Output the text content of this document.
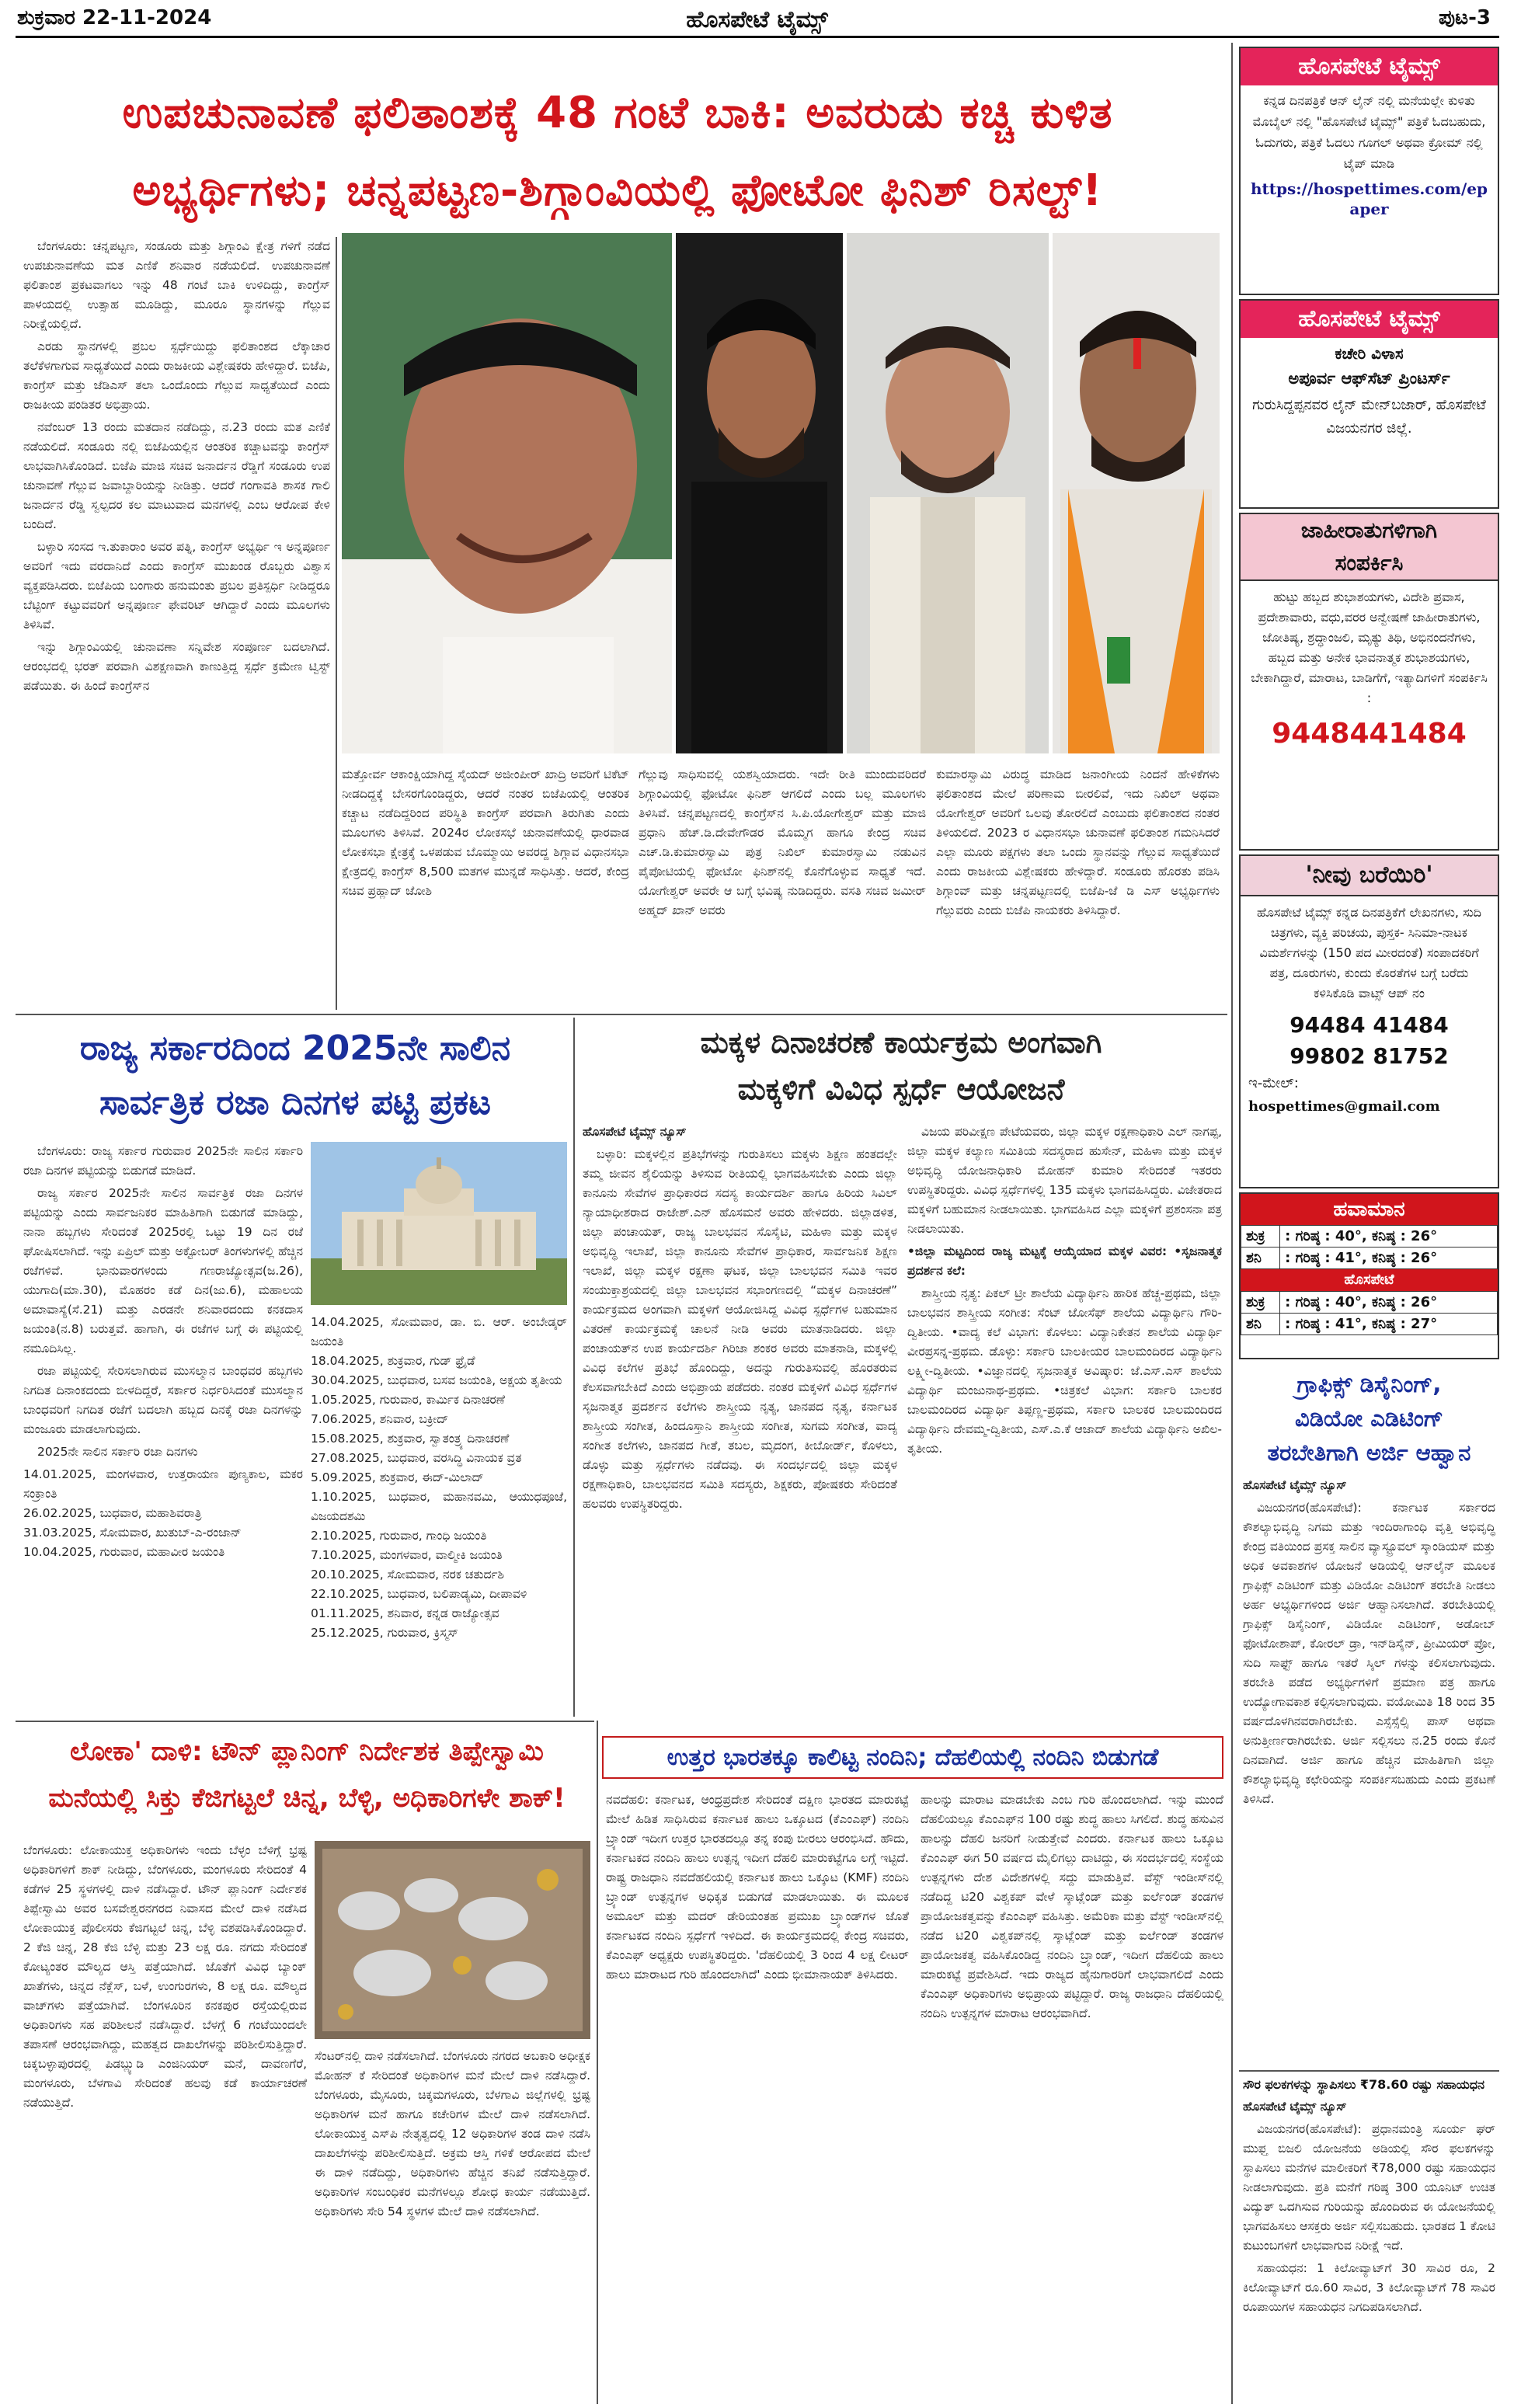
ಶುಕ್ರವಾರ 22-11-2024	ಹೊಸಪೇಟೆ ಟೈಮ್ಸ್	ಪುಟ-3
ಉಪಚುನಾವಣೆ ಫಲಿತಾಂಶಕ್ಕೆ 48 ಗಂಟೆ ಬಾಕಿ: ಅವರುಡು ಕಚ್ಚಿ ಕುಳಿತ
ಅಭ್ಯರ್ಥಿಗಳು; ಚನ್ನಪಟ್ಟಣ-ಶಿಗ್ಗಾಂವಿಯಲ್ಲಿ ಫೋಟೋ ಫಿನಿಶ್ ರಿಸಲ್ಟ್!

ಬೆಂಗಳೂರು: ಚನ್ನಪಟ್ಟಣ, ಸಂಡೂರು ಮತ್ತು ಶಿಗ್ಗಾಂವಿ ಕ್ಷೇತ್ರ ಗಳಿಗೆ ನಡೆದ ಉಪಚುನಾವಣೆಯ ಮತ ಎಣಿಕೆ ಶನಿವಾರ ನಡೆಯಲಿದೆ. ಉಪಚುನಾವಣೆ ಫಲಿತಾಂಶ ಪ್ರಕಟವಾಗಲು ಇನ್ನು 48 ಗಂಟೆ ಬಾಕಿ ಉಳಿದಿದ್ದು, ಕಾಂಗ್ರೆಸ್ ಪಾಳಯದಲ್ಲಿ ಉತ್ಸಾಹ ಮೂಡಿದ್ದು, ಮೂರೂ ಸ್ಥಾನಗಳನ್ನು ಗೆಲ್ಲುವ ನಿರೀಕ್ಷೆಯಲ್ಲಿದೆ.

ಎರಡು ಸ್ಥಾನಗಳಲ್ಲಿ ಪ್ರಬಲ ಸ್ಪರ್ಧೆಯಿದ್ದು ಫಲಿತಾಂಶದ ಲೆಕ್ಕಾಚಾರ ತಲೆಕೆಳಗಾಗುವ ಸಾಧ್ಯತೆಯಿದೆ ಎಂದು ರಾಜಕೀಯ ವಿಶ್ಲೇಷಕರು ಹೇಳಿದ್ದಾರೆ. ಬಿಜೆಪಿ, ಕಾಂಗ್ರೆಸ್ ಮತ್ತು ಜೆಡಿಎಸ್ ತಲಾ ಒಂದೊಂದು ಗೆಲ್ಲುವ ಸಾಧ್ಯತೆಯಿದೆ ಎಂದು ರಾಜಕೀಯ ಪಂಡಿತರ ಅಭಿಪ್ರಾಯ.

ನವೆಂಬರ್ 13 ರಂದು ಮತದಾನ ನಡೆದಿದ್ದು, ನ.23 ರಂದು ಮತ ಎಣಿಕೆ ನಡೆಯಲಿದೆ. ಸಂಡೂರು ನಲ್ಲಿ ಬಿಜೆಪಿಯಲ್ಲಿನ ಆಂತರಿಕ ಕಚ್ಚಾಟವನ್ನು ಕಾಂಗ್ರೆಸ್ ಲಾಭವಾಗಿಸಿಕೊಂಡಿದೆ. ಬಿಜೆಪಿ ಮಾಜಿ ಸಚಿವ ಜನಾರ್ದನ ರೆಡ್ಡಿಗೆ ಸಂಡೂರು ಉಪ ಚುನಾವಣೆ ಗೆಲ್ಲುವ ಜವಾಬ್ದಾರಿಯನ್ನು ನೀಡಿತ್ತು. ಆದರೆ ಗಂಗಾವತಿ ಶಾಸಕ ಗಾಲಿ ಜನಾರ್ದನ ರೆಡ್ಡಿ ಸ್ವಲ್ಪದರ ಕಲ ಮಾಟುವಾದ ಮನಗಳಲ್ಲಿ ಎಂಬ ಆರೋಪ ಕೇಳಿ ಬಂದಿದೆ.

ಬಳ್ಳಾರಿ ಸಂಸದ ಇ.ತುಕಾರಾಂ ಅವರ ಪತ್ನಿ, ಕಾಂಗ್ರೆಸ್ ಅಭ್ಯರ್ಥಿ ಇ ಅನ್ನಪೂರ್ಣ ಅವರಿಗೆ ಇದು ವರದಾನಿದೆ ಎಂದು ಕಾಂಗ್ರೆಸ್ ಮುಖಂಡ ರೊಬ್ಬರು ವಿಶ್ವಾಸ ವ್ಯಕ್ತಪಡಿಸಿದರು. ಬಿಜೆಪಿಯ ಬಂಗಾರು ಹನುಮಂತು ಪ್ರಬಲ ಪ್ರತಿಸ್ಪರ್ಧಿ ನೀಡಿದ್ದರೂ ಬೆಟ್ಟಿಂಗ್ ಕಟ್ಟುವವರಿಗೆ ಅನ್ನಪೂರ್ಣ ಫೇವರಿಟ್ ಆಗಿದ್ದಾರೆ ಎಂದು ಮೂಲಗಳು ತಿಳಿಸಿವೆ.

ಇನ್ನು ಶಿಗ್ಗಾಂವಿಯಲ್ಲಿ ಚುನಾವಣಾ ಸನ್ನಿವೇಶ ಸಂಪೂರ್ಣ ಬದಲಾಗಿದೆ. ಆರಂಭದಲ್ಲಿ ಭರತ್ ಪರವಾಗಿ ವಿಶಕ್ಷಣವಾಗಿ ಕಾಣುತ್ತಿದ್ದ ಸ್ಪರ್ಧೆ ಕ್ರಮೇಣ ಟ್ವಿಸ್ಟ್ ಪಡೆಯಿತು. ಈ ಹಿಂದೆ ಕಾಂಗ್ರೆಸ್‌ನ

ಮತ್ತೋರ್ವ ಆಕಾಂಕ್ಷಿಯಾಗಿದ್ದ ಸೈಯದ್ ಅಜೀಂಪೀರ್ ಖಾದ್ರಿ ಅವರಿಗೆ ಟಿಕೆಟ್ ನೀಡದಿದ್ದಕ್ಕೆ ಬೇಸರಗೊಂಡಿದ್ದರು, ಆದರೆ ನಂತರ ಬಿಜೆಪಿಯಲ್ಲಿ ಆಂತರಿಕ ಕಚ್ಚಾಟ ನಡೆದಿದ್ದರಿಂದ ಪರಿಸ್ಥಿತಿ ಕಾಂಗ್ರೆಸ್ ಪರವಾಗಿ ತಿರುಗಿತು ಎಂದು ಮೂಲಗಳು ತಿಳಿಸಿವೆ. 2024ರ ಲೋಕಸಭೆ ಚುನಾವಣೆಯಲ್ಲಿ ಧಾರವಾಡ ಲೋಕಸಭಾ ಕ್ಷೇತ್ರಕ್ಕೆ ಒಳಪಡುವ ಬೊಮ್ಮಾಯಿ ಅವರದ್ದ ಶಿಗ್ಗಾವ ವಿಧಾನಸಭಾ ಕ್ಷೇತ್ರದಲ್ಲಿ ಕಾಂಗ್ರೆಸ್ 8,500 ಮತಗಳ ಮುನ್ನಡೆ ಸಾಧಿಸಿತ್ತು. ಆದರೆ, ಕೇಂದ್ರ ಸಚಿವ ಪ್ರಹ್ಲಾದ್ ಜೋಶಿ
ಗೆಲ್ಲುವು ಸಾಧಿಸುವಲ್ಲಿ ಯಶಸ್ವಿಯಾದರು. ಇದೇ ರೀತಿ ಮುಂದುವರಿದರೆ ಶಿಗ್ಗಾಂವಿಯಲ್ಲಿ ಫೋಟೋ ಫಿನಿಶ್ ಆಗಲಿದೆ ಎಂದು ಬಲ್ಲ ಮೂಲಗಳು ತಿಳಿಸಿವೆ. ಚನ್ನಪಟ್ಟಣದಲ್ಲಿ ಕಾಂಗ್ರೆಸ್‌ನ ಸಿ.ಪಿ.ಯೋಗೇಶ್ವರ್ ಮತ್ತು ಮಾಜಿ ಪ್ರಧಾನಿ ಹೆಚ್.ಡಿ.ದೇವೇಗೌಡರ ಮೊಮ್ಮಗ ಹಾಗೂ ಕೇಂದ್ರ ಸಚಿವ ಎಚ್.ಡಿ.ಕುಮಾರಸ್ವಾಮಿ ಪುತ್ರ ನಿಖಿಲ್ ಕುಮಾರಸ್ವಾಮಿ ನಡುವಿನ ಪೈಪೋಟಿಯಲ್ಲಿ ಫೋಟೋ ಫಿನಿಶ್‌ನಲ್ಲಿ ಕೊನೆಗೊಳ್ಳುವ ಸಾಧ್ಯತೆ ಇದೆ. ಯೋಗೇಶ್ವರ್ ಅವರೇ ಆ ಬಗ್ಗೆ ಭವಿಷ್ಯ ನುಡಿದಿದ್ದರು. ವಸತಿ ಸಚಿವ ಜಮೀರ್ ಅಹ್ಮದ್ ಖಾನ್ ಅವರು
ಕುಮಾರಸ್ವಾಮಿ ವಿರುದ್ಧ ಮಾಡಿದ ಜನಾಂಗೀಯ ನಿಂದನೆ ಹೇಳಿಕೆಗಳು ಫಲಿತಾಂಶದ ಮೇಲೆ ಪರಿಣಾಮ ಬೀರಲಿವೆ, ಇದು ನಿಖಿಲ್ ಅಥವಾ ಯೋಗೇಶ್ವರ್ ಅವರಿಗೆ ಒಲವು ತೋರಲಿದೆ ಎಂಬುದು ಫಲಿತಾಂಶದ ನಂತರ ತಿಳಿಯಲಿದೆ. 2023 ರ ವಿಧಾನಸಭಾ ಚುನಾವಣೆ ಫಲಿತಾಂಶ ಗಮನಿಸಿದರೆ ಎಲ್ಲಾ ಮೂರು ಪಕ್ಷಗಳು ತಲಾ ಒಂದು ಸ್ಥಾನವನ್ನು ಗೆಲ್ಲುವ ಸಾಧ್ಯತೆಯಿದೆ ಎಂದು ರಾಜಕೀಯ ವಿಶ್ಲೇಷಕರು ಹೇಳಿದ್ದಾರೆ. ಸಂಡೂರು ಹೊರತು ಪಡಿಸಿ ಶಿಗ್ಗಾಂವ್ ಮತ್ತು ಚನ್ನಪಟ್ಟಣದಲ್ಲಿ ಬಿಜೆಪಿ-ಜೆ ಡಿ ಎಸ್ ಅಭ್ಯರ್ಥಿಗಳು ಗೆಲ್ಲುವರು ಎಂದು ಬಿಜೆಪಿ ನಾಯಕರು ತಿಳಿಸಿದ್ದಾರೆ.
ರಾಜ್ಯ ಸರ್ಕಾರದಿಂದ 2025ನೇ ಸಾಲಿನ
ಸಾರ್ವತ್ರಿಕ ರಜಾ ದಿನಗಳ ಪಟ್ಟಿ ಪ್ರಕಟ

ಬೆಂಗಳೂರು: ರಾಜ್ಯ ಸರ್ಕಾರ ಗುರುವಾರ 2025ನೇ ಸಾಲಿನ ಸರ್ಕಾರಿ ರಜಾ ದಿನಗಳ ಪಟ್ಟಿಯನ್ನು ಬಿಡುಗಡೆ ಮಾಡಿದೆ.

ರಾಜ್ಯ ಸರ್ಕಾರ 2025ನೇ ಸಾಲಿನ ಸಾರ್ವತ್ರಿಕ ರಜಾ ದಿನಗಳ ಪಟ್ಟಿಯನ್ನು ಎಂದು ಸಾರ್ವಜನಿಕರ ಮಾಹಿತಿಗಾಗಿ ಬಿಡುಗಡೆ ಮಾಡಿದ್ದು, ನಾನಾ ಹಬ್ಬಗಳು ಸೇರಿದಂತೆ 2025ರಲ್ಲಿ ಒಟ್ಟು 19 ದಿನ ರಜೆ ಘೋಷಿಸಲಾಗಿದೆ. ಇನ್ನು ಏಪ್ರಿಲ್ ಮತ್ತು ಅಕ್ಟೋಬರ್ ತಿಂಗಳುಗಳಲ್ಲಿ ಹೆಚ್ಚಿನ ರಜೆಗಳಿವೆ. ಭಾನುವಾರಗಳಂದು ಗಣರಾಜ್ಯೋತ್ಸವ(ಜ.26), ಯುಗಾದಿ(ಮಾ.30), ಮೊಹರಂ ಕಡೆ ದಿನ(ಜು.6), ಮಹಾಲಯ ಅಮಾವಾಸ್ಯೆ(ಸೆ.21) ಮತ್ತು ಎರಡನೇ ಶನಿವಾರದಂದು ಕನಕದಾಸ ಜಯಂತಿ(ನ.8) ಬರುತ್ತವೆ. ಹಾಗಾಗಿ, ಈ ರಜೆಗಳ ಬಗ್ಗೆ ಈ ಪಟ್ಟಿಯಲ್ಲಿ ನಮೂದಿಸಿಲ್ಲ.

ರಜಾ ಪಟ್ಟಿಯಲ್ಲಿ ಸೇರಿಸಲಾಗಿರುವ ಮುಸಲ್ಮಾನ ಬಾಂಧವರ ಹಬ್ಬಗಳು ನಿಗದಿತ ದಿನಾಂಕದಂದು ಬೀಳದಿದ್ದರೆ, ಸರ್ಕಾರ ನಿರ್ಧರಿಸಿದಂತೆ ಮುಸಲ್ಮಾನ ಬಾಂಧವರಿಗೆ ನಿಗದಿತ ರಜೆಗೆ ಬದಲಾಗಿ ಹಬ್ಬದ ದಿನಕ್ಕೆ ರಜಾ ದಿನಗಳನ್ನು ಮಂಜೂರು ಮಾಡಲಾಗುವುದು.

2025ನೇ ಸಾಲಿನ ಸರ್ಕಾರಿ ರಜಾ ದಿನಗಳು

14.01.2025, ಮಂಗಳವಾರ, ಉತ್ತರಾಯಣ ಪುಣ್ಯಕಾಲ, ಮಕರ ಸಂಕ್ರಾಂತಿ
26.02.2025, ಬುಧವಾರ, ಮಹಾಶಿವರಾತ್ರಿ
31.03.2025, ಸೋಮವಾರ, ಖುತುಬ್-ಎ-ರಂಜಾನ್
10.04.2025, ಗುರುವಾರ, ಮಹಾವೀರ ಜಯಂತಿ
14.04.2025, ಸೋಮವಾರ, ಡಾ. ಬಿ. ಆರ್. ಅಂಬೇಡ್ಕರ್ ಜಯಂತಿ
18.04.2025, ಶುಕ್ರವಾರ, ಗುಡ್ ಫ್ರೈಡೆ
30.04.2025, ಬುಧವಾರ, ಬಸವ ಜಯಂತಿ, ಅಕ್ಷಯ ತೃತೀಯ
1.05.2025, ಗುರುವಾರ, ಕಾರ್ಮಿಕ ದಿನಾಚರಣೆ
7.06.2025, ಶನಿವಾರ, ಬಕ್ರೀದ್
15.08.2025, ಶುಕ್ರವಾರ, ಸ್ವಾತಂತ್ರ್ಯ ದಿನಾಚರಣೆ
27.08.2025, ಬುಧವಾರ, ವರಸಿದ್ಧಿ ವಿನಾಯಕ ವ್ರತ
5.09.2025, ಶುಕ್ರವಾರ, ಈದ್-ಮಿಲಾದ್
1.10.2025, ಬುಧವಾರ, ಮಹಾನವಮಿ, ಆಯುಧಪೂಜೆ, ವಿಜಯದಶಮಿ
2.10.2025, ಗುರುವಾರ, ಗಾಂಧಿ ಜಯಂತಿ
7.10.2025, ಮಂಗಳವಾರ, ವಾಲ್ಮೀಕಿ ಜಯಂತಿ
20.10.2025, ಸೋಮವಾರ, ನರಕ ಚತುರ್ದಶಿ
22.10.2025, ಬುಧವಾರ, ಬಲಿಪಾಡ್ಯಮಿ, ದೀಪಾವಳಿ
01.11.2025, ಶನಿವಾರ, ಕನ್ನಡ ರಾಜ್ಯೋತ್ಸವ
25.12.2025, ಗುರುವಾರ, ಕ್ರಿಸ್ಮಸ್
ಮಕ್ಕಳ ದಿನಾಚರಣೆ ಕಾರ್ಯಕ್ರಮ ಅಂಗವಾಗಿ
ಮಕ್ಕಳಿಗೆ ವಿವಿಧ ಸ್ಪರ್ಧೆ ಆಯೋಜನೆ

ಹೊಸಪೇಟೆ ಟೈಮ್ಸ್ ನ್ಯೂಸ್

ಬಳ್ಳಾರಿ: ಮಕ್ಕಳಲ್ಲಿನ ಪ್ರತಿಭೆಗಳನ್ನು ಗುರುತಿಸಲು ಮಕ್ಕಳು ಶಿಕ್ಷಣ ಹಂತದಲ್ಲೇ ತಮ್ಮ ಜೀವನ ಶೈಲಿಯನ್ನು ತಿಳಿಸುವ ರೀತಿಯಲ್ಲಿ ಭಾಗವಹಿಸಬೇಕು ಎಂದು ಜಿಲ್ಲಾ ಕಾನೂನು ಸೇವೆಗಳ ಪ್ರಾಧಿಕಾರದ ಸದಸ್ಯ ಕಾರ್ಯದರ್ಶಿ ಹಾಗೂ ಹಿರಿಯ ಸಿವಿಲ್ ನ್ಯಾಯಾಧೀಶರಾದ ರಾಜೇಶ್.ಎನ್ ಹೊಸಮನೆ ಅವರು ಹೇಳಿದರು. ಜಿಲ್ಲಾಡಳಿತ, ಜಿಲ್ಲಾ ಪಂಚಾಯತ್, ರಾಜ್ಯ ಬಾಲಭವನ ಸೊಸೈಟಿ, ಮಹಿಳಾ ಮತ್ತು ಮಕ್ಕಳ ಅಭಿವೃದ್ಧಿ ಇಲಾಖೆ, ಜಿಲ್ಲಾ ಕಾನೂನು ಸೇವೆಗಳ ಪ್ರಾಧಿಕಾರ, ಸಾರ್ವಜನಿಕ ಶಿಕ್ಷಣ ಇಲಾಖೆ, ಜಿಲ್ಲಾ ಮಕ್ಕಳ ರಕ್ಷಣಾ ಘಟಕ, ಜಿಲ್ಲಾ ಬಾಲಭವನ ಸಮಿತಿ ಇವರ ಸಂಯುಕ್ತಾಶ್ರಯದಲ್ಲಿ ಜಿಲ್ಲಾ ಬಾಲಭವನ ಸಭಾಂಗಣದಲ್ಲಿ “ಮಕ್ಕಳ ದಿನಾಚರಣೆ” ಕಾರ್ಯಕ್ರಮದ ಅಂಗವಾಗಿ ಮಕ್ಕಳಿಗೆ ಆಯೋಜಿಸಿದ್ದ ವಿವಿಧ ಸ್ಪರ್ಧೆಗಳ ಬಹುಮಾನ ವಿತರಣೆ ಕಾರ್ಯಕ್ರಮಕ್ಕೆ ಚಾಲನೆ ನೀಡಿ ಅವರು ಮಾತನಾಡಿದರು. ಜಿಲ್ಲಾ ಪಂಚಾಯತ್‌ನ ಉಪ ಕಾರ್ಯದರ್ಶಿ ಗಿರಿಜಾ ಶಂಕರ ಅವರು ಮಾತನಾಡಿ, ಮಕ್ಕಳಲ್ಲಿ ವಿವಿಧ ಕಲೆಗಳ ಪ್ರತಿಭೆ ಹೊಂದಿದ್ದು, ಅದನ್ನು ಗುರುತಿಸುವಲ್ಲಿ ಹೊರತರುವ ಕೆಲಸವಾಗಬೇಕಿದೆ ಎಂದು ಅಭಿಪ್ರಾಯ ಪಡೆದರು. ನಂತರ ಮಕ್ಕಳಿಗೆ ವಿವಿಧ ಸ್ಪರ್ಧೆಗಳ ಸೃಜನಾತ್ಮಕ ಪ್ರದರ್ಶನ ಕಲೆಗಳು ಶಾಸ್ತ್ರೀಯ ನೃತ್ಯ, ಜಾನಪದ ನೃತ್ಯ, ಕರ್ನಾಟಕ ಶಾಸ್ತ್ರೀಯ ಸಂಗೀತ, ಹಿಂದೂಸ್ತಾನಿ ಶಾಸ್ತ್ರೀಯ ಸಂಗೀತ, ಸುಗಮ ಸಂಗೀತ, ವಾದ್ಯ ಸಂಗೀತ ಕಲೆಗಳು, ಜಾನಪದ ಗೀತೆ, ತಬಲ, ಮೃದಂಗ, ಕೀಬೋರ್ಡ್, ಕೊಳಲು, ಡೊಳ್ಳು ಮತ್ತು ಸ್ಪರ್ಧೆಗಳು ನಡೆದವು. ಈ ಸಂದರ್ಭದಲ್ಲಿ ಜಿಲ್ಲಾ ಮಕ್ಕಳ ರಕ್ಷಣಾಧಿಕಾರಿ, ಬಾಲಭವನದ ಸಮಿತಿ ಸದಸ್ಯರು, ಶಿಕ್ಷಕರು, ಪೋಷಕರು ಸೇರಿದಂತೆ ಹಲವರು ಉಪಸ್ಥಿತರಿದ್ದರು.

ವಿಜಯ ಪರಿವೀಕ್ಷಣ ಪೇಟೆಯವರು, ಜಿಲ್ಲಾ ಮಕ್ಕಳ ರಕ್ಷಣಾಧಿಕಾರಿ ಎಲ್ ನಾಗಪ್ಪ, ಜಿಲ್ಲಾ ಮಕ್ಕಳ ಕಲ್ಯಾಣ ಸಮಿತಿಯ ಸದಸ್ಯರಾದ ಹುಸೇನ್, ಮಹಿಳಾ ಮತ್ತು ಮಕ್ಕಳ ಅಭಿವೃದ್ಧಿ ಯೋಜನಾಧಿಕಾರಿ ಮೋಹನ್ ಕುಮಾರಿ ಸೇರಿದಂತೆ ಇತರರು ಉಪಸ್ಥಿತರಿದ್ದರು. ವಿವಿಧ ಸ್ಪರ್ಧೆಗಳಲ್ಲಿ 135 ಮಕ್ಕಳು ಭಾಗವಹಿಸಿದ್ದರು. ವಿಜೇತರಾದ ಮಕ್ಕಳಿಗೆ ಬಹುಮಾನ ನೀಡಲಾಯಿತು. ಭಾಗವಹಿಸಿದ ಎಲ್ಲಾ ಮಕ್ಕಳಿಗೆ ಪ್ರಶಂಸನಾ ಪತ್ರ ನೀಡಲಾಯಿತು.

•ಜಿಲ್ಲಾ ಮಟ್ಟದಿಂದ ರಾಜ್ಯ ಮಟ್ಟಕ್ಕೆ ಆಯ್ಕೆಯಾದ ಮಕ್ಕಳ ವಿವರ: •ಸೃಜನಾತ್ಮಕ ಪ್ರದರ್ಶನ ಕಲೆ:

ಶಾಸ್ತ್ರೀಯ ನೃತ್ಯ: ಪಿಕಲ್ ಟ್ರೀ ಶಾಲೆಯ ವಿದ್ಯಾರ್ಥಿನಿ ಹಾರಿಕ ಹೆಚ್ಚ-ಪ್ರಥಮ, ಜಿಲ್ಲಾ ಬಾಲಭವನ ಶಾಸ್ತ್ರೀಯ ಸಂಗೀತ: ಸೆಂಟ್ ಜೋಸೆಫ್ ಶಾಲೆಯ ವಿದ್ಯಾರ್ಥಿನಿ ಗೌರಿ-ದ್ವಿತೀಯ. •ವಾದ್ಯ ಕಲೆ ವಿಭಾಗ: ಕೊಳಲು: ವಿದ್ಯಾನಿಕೇತನ ಶಾಲೆಯ ವಿದ್ಯಾರ್ಥಿ ವೀರಪ್ರಸನ್ನ-ಪ್ರಥಮ. ಡೊಳ್ಳು: ಸರ್ಕಾರಿ ಬಾಲಕೀಯರ ಬಾಲಮಂದಿರದ ವಿದ್ಯಾರ್ಥಿನಿ ಲಕ್ಷ್ಮೀ-ದ್ವಿತೀಯ. •ವಿಜ್ಞಾನದಲ್ಲಿ ಸೃಜನಾತ್ಮಕ ಅವಿಷ್ಕಾರ: ಜೆ.ಎಸ್.ಎಸ್ ಶಾಲೆಯ ವಿದ್ಯಾರ್ಥಿ ಮಂಜುನಾಥ-ಪ್ರಥಮ. •ಚಿತ್ರಕಲೆ ವಿಭಾಗ: ಸರ್ಕಾರಿ ಬಾಲಕರ ಬಾಲಮಂದಿರದ ವಿದ್ಯಾರ್ಥಿ ತಿಪ್ಪಣ್ಣ-ಪ್ರಥಮ, ಸರ್ಕಾರಿ ಬಾಲಕರ ಬಾಲಮಂದಿರದ ವಿದ್ಯಾರ್ಥಿನಿ ದೇವಮ್ಮ-ದ್ವಿತೀಯ, ಎಸ್.ಎ.ಕೆ ಆಜಾದ್ ಶಾಲೆಯ ವಿದ್ಯಾರ್ಥಿನಿ ಅಖಿಲ-ತೃತೀಯ.

ಲೋಕಾ' ದಾಳಿ: ಟೌನ್ ಪ್ಲಾನಿಂಗ್ ನಿರ್ದೇಶಕ ತಿಪ್ಪೇಸ್ವಾಮಿ
ಮನೆಯಲ್ಲಿ ಸಿಕ್ತು ಕೆಜಿಗಟ್ಟಲೆ ಚಿನ್ನ, ಬೆಳ್ಳಿ, ಅಧಿಕಾರಿಗಳೇ ಶಾಕ್!
ಬೆಂಗಳೂರು: ಲೋಕಾಯುಕ್ತ ಅಧಿಕಾರಿಗಳು ಇಂದು ಬೆಳ್ಳಂ ಬೆಳಿಗ್ಗೆ ಭ್ರಷ್ಟ ಅಧಿಕಾರಿಗಳಿಗೆ ಶಾಕ್ ನೀಡಿದ್ದು, ಬೆಂಗಳೂರು, ಮಂಗಳೂರು ಸೇರಿದಂತೆ 4 ಕಡೆಗಳ 25 ಸ್ಥಳಗಳಲ್ಲಿ ದಾಳಿ ನಡೆಸಿದ್ದಾರೆ. ಟೌನ್ ಪ್ಲಾನಿಂಗ್ ನಿರ್ದೇಶಕ ತಿಪ್ಪೇಸ್ವಾಮಿ ಅವರ ಬಸವೇಶ್ವರನಗರದ ನಿವಾಸದ ಮೇಲೆ ದಾಳಿ ನಡೆಸಿದ ಲೋಕಾಯುಕ್ತ ಪೊಲೀಸರು ಕೆಜಿಗಟ್ಟಲೆ ಚಿನ್ನ, ಬೆಳ್ಳಿ ವಶಪಡಿಸಿಕೊಂಡಿದ್ದಾರೆ. 2 ಕೆಜಿ ಚಿನ್ನ, 28 ಕೆಜಿ ಬೆಳ್ಳಿ ಮತ್ತು 23 ಲಕ್ಷ ರೂ. ನಗದು ಸೇರಿದಂತೆ ಕೋಟ್ಯಂತರ ಮೌಲ್ಯದ ಆಸ್ತಿ ಪತ್ತೆಯಾಗಿದೆ. ಜೊತೆಗೆ ವಿವಿಧ ಬ್ಯಾಂಕ್ ಖಾತೆಗಳು, ಚಿನ್ನದ ನೆಕ್ಲೆಸ್, ಬಳೆ, ಉಂಗುರಗಳು, 8 ಲಕ್ಷ ರೂ. ಮೌಲ್ಯದ ವಾಚ್‌ಗಳು ಪತ್ತೆಯಾಗಿವೆ. ಬೆಂಗಳೂರಿನ ಕನಕಪುರ ರಸ್ತೆಯಲ್ಲಿರುವ ಅಧಿಕಾರಿಗಳು ಸಹ ಪರಿಶೀಲನೆ ನಡೆಸಿದ್ದಾರೆ. ಬೆಳಗ್ಗೆ 6 ಗಂಟೆಯಿಂದಲೇ ತಪಾಸಣೆ ಆರಂಭವಾಗಿದ್ದು, ಮಹತ್ವದ ದಾಖಲೆಗಳನ್ನು ಪರಿಶೀಲಿಸುತ್ತಿದ್ದಾರೆ. ಚಿಕ್ಕಬಳ್ಳಾಪುರದಲ್ಲಿ ಪಿಡಬ್ಲ್ಯುಡಿ ಎಂಜಿನಿಯರ್ ಮನೆ, ದಾವಣಗೆರೆ, ಮಂಗಳೂರು, ಬೆಳಗಾವಿ ಸೇರಿದಂತೆ ಹಲವು ಕಡೆ ಕಾರ್ಯಾಚರಣೆ ನಡೆಯುತ್ತಿದೆ.
ಸೆಂಟರ್‌ನಲ್ಲಿ ದಾಳಿ ನಡೆಸಲಾಗಿದೆ. ಬೆಂಗಳೂರು ನಗರದ ಅಬಕಾರಿ ಅಧೀಕ್ಷಕ ಮೋಹನ್ ಕೆ ಸೇರಿದಂತೆ ಅಧಿಕಾರಿಗಳ ಮನೆ ಮೇಲೆ ದಾಳಿ ನಡೆಸಿದ್ದಾರೆ. ಬೆಂಗಳೂರು, ಮೈಸೂರು, ಚಿಕ್ಕಮಗಳೂರು, ಬೆಳಗಾವಿ ಜಿಲ್ಲೆಗಳಲ್ಲಿ ಭ್ರಷ್ಟ ಅಧಿಕಾರಿಗಳ ಮನೆ ಹಾಗೂ ಕಚೇರಿಗಳ ಮೇಲೆ ದಾಳಿ ನಡೆಸಲಾಗಿದೆ. ಲೋಕಾಯುಕ್ತ ಎಸ್‌ಪಿ ನೇತೃತ್ವದಲ್ಲಿ 12 ಅಧಿಕಾರಿಗಳ ತಂಡ ದಾಳಿ ನಡೆಸಿ ದಾಖಲೆಗಳನ್ನು ಪರಿಶೀಲಿಸುತ್ತಿದೆ. ಅಕ್ರಮ ಆಸ್ತಿ ಗಳಿಕೆ ಆರೋಪದ ಮೇಲೆ ಈ ದಾಳಿ ನಡೆದಿದ್ದು, ಅಧಿಕಾರಿಗಳು ಹೆಚ್ಚಿನ ತನಿಖೆ ನಡೆಸುತ್ತಿದ್ದಾರೆ. ಅಧಿಕಾರಿಗಳ ಸಂಬಂಧಿಕರ ಮನೆಗಳಲ್ಲೂ ಶೋಧ ಕಾರ್ಯ ನಡೆಯುತ್ತಿದೆ. ಅಧಿಕಾರಿಗಳು ಸೇರಿ 54 ಸ್ಥಳಗಳ ಮೇಲೆ ದಾಳಿ ನಡೆಸಲಾಗಿದೆ.
ಉತ್ತರ ಭಾರತಕ್ಕೂ ಕಾಲಿಟ್ಟ ನಂದಿನಿ; ದೆಹಲಿಯಲ್ಲಿ ನಂದಿನಿ ಬಿಡುಗಡೆ
ನವದೆಹಲಿ: ಕರ್ನಾಟಕ, ಆಂಧ್ರಪ್ರದೇಶ ಸೇರಿದಂತೆ ದಕ್ಷಿಣ ಭಾರತದ ಮಾರುಕಟ್ಟೆ ಮೇಲೆ ಹಿಡಿತ ಸಾಧಿಸಿರುವ ಕರ್ನಾಟಕ ಹಾಲು ಒಕ್ಕೂಟದ (ಕೆಎಂಎಫ್) ನಂದಿನಿ ಬ್ರ್ಯಾಂಡ್ ಇದೀಗ ಉತ್ತರ ಭಾರತದಲ್ಲೂ ತನ್ನ ಕಂಪು ಬೀರಲು ಆರಂಭಿಸಿದೆ. ಹೌದು, ಕರ್ನಾಟಕದ ನಂದಿನಿ ಹಾಲು ಉತ್ಪನ್ನ ಇದೀಗ ದೆಹಲಿ ಮಾರುಕಟ್ಟೆಗೂ ಲಗ್ಗೆ ಇಟ್ಟಿದೆ. ರಾಷ್ಟ್ರ ರಾಜಧಾನಿ ನವದೆಹಲಿಯಲ್ಲಿ ಕರ್ನಾಟಕ ಹಾಲು ಒಕ್ಕೂಟ (KMF) ನಂದಿನಿ ಬ್ರ್ಯಾಂಡ್ ಉತ್ಪನ್ನಗಳ ಅಧಿಕೃತ ಬಿಡುಗಡೆ ಮಾಡಲಾಯಿತು. ಈ ಮೂಲಕ ಅಮೂಲ್ ಮತ್ತು ಮದರ್ ಡೇರಿಯಂತಹ ಪ್ರಮುಖ ಬ್ರ್ಯಾಂಡ್‌ಗಳ ಜೊತೆ ಕರ್ನಾಟಕದ ನಂದಿನಿ ಸ್ಪರ್ಧೆಗೆ ಇಳಿದಿದೆ. ಈ ಕಾರ್ಯಕ್ರಮದಲ್ಲಿ ಕೇಂದ್ರ ಸಚಿವರು, ಕೆಎಂಎಫ್ ಅಧ್ಯಕ್ಷರು ಉಪಸ್ಥಿತರಿದ್ದರು. 'ದೆಹಲಿಯಲ್ಲಿ 3 ರಿಂದ 4 ಲಕ್ಷ ಲೀಟರ್ ಹಾಲು ಮಾರಾಟದ ಗುರಿ ಹೊಂದಲಾಗಿದೆ' ಎಂದು ಭೀಮಾನಾಯಕ್ ತಿಳಿಸಿದರು.
ಹಾಲನ್ನು ಮಾರಾಟ ಮಾಡಬೇಕು ಎಂಬ ಗುರಿ ಹೊಂದಲಾಗಿದೆ. ಇನ್ನು ಮುಂದೆ ದೆಹಲಿಯಲ್ಲೂ ಕೆಎಂಎಫ್‌ನ 100 ರಷ್ಟು ಶುದ್ಧ ಹಾಲು ಸಿಗಲಿದೆ. ಶುದ್ಧ ಹಸುವಿನ ಹಾಲನ್ನು ದೆಹಲಿ ಜನರಿಗೆ ನೀಡುತ್ತೇವೆ ಎಂದರು. ಕರ್ನಾಟಕ ಹಾಲು ಒಕ್ಕೂಟ ಕೆಎಂಎಫ್ ಈಗ 50 ವರ್ಷದ ಮೈಲಿಗಲ್ಲು ದಾಟಿದ್ದು, ಈ ಸಂದರ್ಭದಲ್ಲಿ ಸಂಸ್ಥೆಯ ಉತ್ಪನ್ನಗಳು ದೇಶ ವಿದೇಶಗಳಲ್ಲಿ ಸದ್ದು ಮಾಡುತ್ತಿವೆ. ವೆಸ್ಟ್ ಇಂಡೀಸ್‌ನಲ್ಲಿ ನಡೆದಿದ್ದ ಟಿ20 ವಿಶ್ವಕಪ್ ವೇಳೆ ಸ್ಕಾಟ್ಲೆಂಡ್ ಮತ್ತು ಐರ್ಲೆಂಡ್ ತಂಡಗಳ ಪ್ರಾಯೋಜಕತ್ವವನ್ನು ಕೆಎಂಎಫ್ ವಹಿಸಿತ್ತು. ಅಮೆರಿಕಾ ಮತ್ತು ವೆಸ್ಟ್ ಇಂಡೀಸ್‌ನಲ್ಲಿ ನಡೆದ ಟಿ20 ವಿಶ್ವಕಪ್‌ನಲ್ಲಿ ಸ್ಕಾಟ್ಲೆಂಡ್ ಮತ್ತು ಐರ್ಲೆಂಡ್ ತಂಡಗಳ ಪ್ರಾಯೋಜಕತ್ವ ವಹಿಸಿಕೊಂಡಿದ್ದ ನಂದಿನಿ ಬ್ರ್ಯಾಂಡ್, ಇದೀಗ ದೆಹಲಿಯ ಹಾಲು ಮಾರುಕಟ್ಟೆ ಪ್ರವೇಶಿಸಿದೆ. ಇದು ರಾಜ್ಯದ ಹೈನುಗಾರರಿಗೆ ಲಾಭವಾಗಲಿದೆ ಎಂದು ಕೆಎಂಎಫ್ ಅಧಿಕಾರಿಗಳು ಅಭಿಪ್ರಾಯ ಪಟ್ಟಿದ್ದಾರೆ. ರಾಜ್ಯ ರಾಜಧಾನಿ ದೆಹಲಿಯಲ್ಲಿ ನಂದಿನಿ ಉತ್ಪನ್ನಗಳ ಮಾರಾಟ ಆರಂಭವಾಗಿದೆ.
ಹೊಸಪೇಟೆ ಟೈಮ್ಸ್
ಕನ್ನಡ ದಿನಪತ್ರಿಕೆ ಆನ್ ಲೈನ್ ನಲ್ಲಿ ಮನೆಯಲ್ಲೇ ಕುಳಿತು ಮೊಬೈಲ್ ನಲ್ಲಿ "ಹೊಸಪೇಟೆ ಟೈಮ್ಸ್" ಪತ್ರಿಕೆ ಓದಬಹುದು, ಓದುಗರು, ಪತ್ರಿಕೆ ಓದಲು ಗೂಗಲ್ ಅಥವಾ ಕ್ರೋಮ್ ನಲ್ಲಿ ಟೈಪ್ ಮಾಡಿ
https://hospettimes.com/epaper
ಹೊಸಪೇಟೆ ಟೈಮ್ಸ್
ಕಚೇರಿ ವಿಳಾಸ
ಅಪೂರ್ವ ಆಫ್‌ಸೆಟ್ ಪ್ರಿಂಟರ್ಸ್
ಗುರುಸಿದ್ದಪ್ಪನವರ ಲೈನ್ ಮೇನ್‌ಬಜಾರ್, ಹೊಸಪೇಟೆ ವಿಜಯನಗರ ಜಿಲ್ಲೆ.
ಜಾಹೀರಾತುಗಳಿಗಾಗಿ
ಸಂಪರ್ಕಿಸಿ
ಹುಟ್ಟು ಹಬ್ಬದ ಶುಭಾಶಯಗಳು, ವಿದೇಶಿ ಪ್ರವಾಸ, ಪ್ರದೇಶಾವಾರು, ವಧು,ವರರ ಅನ್ವೇಷಣೆ ಜಾಹೀರಾತುಗಳು, ಜೋತಿಷ್ಯ, ಶ್ರದ್ಧಾಂಜಲಿ, ಮೃತ್ಯು ತಿಥಿ, ಅಭಿನಂದನೆಗಳು, ಹಬ್ಬದ ಮತ್ತು ಅನೇಕ ಭಾವನಾತ್ಮಕ ಶುಭಾಶಯಗಳು, ಬೇಕಾಗಿದ್ದಾರೆ, ಮಾರಾಟ, ಬಾಡಿಗೆಗೆ, ಇತ್ಯಾದಿಗಳಿಗೆ ಸಂಪರ್ಕಿಸಿ :
9448441484
'ನೀವು ಬರೆಯಿರಿ'
ಹೊಸಪೇಟೆ ಟೈಮ್ಸ್ ಕನ್ನಡ ದಿನಪತ್ರಿಕೆಗೆ ಲೇಖನಗಳು, ಸುದಿ ಚಿತ್ರಗಳು, ವ್ಯಕ್ತಿ ಪರಿಚಯ, ಪುಸ್ತಕ- ಸಿನಿಮಾ-ನಾಟಕ ವಿಮರ್ಶೆಗಳನ್ನು (150 ಪದ ಮೀರದಂತೆ) ಸಂಪಾದಕರಿಗೆ ಪತ್ರ, ದೂರುಗಳು, ಕುಂದು ಕೊರತೆಗಳ ಬಗ್ಗೆ ಬರೆದು ಕಳಿಸಿಕೊಡಿ ವಾಟ್ಸ್ ಆಪ್ ನಂ
94484 41484
99802 81752
ಇ-ಮೇಲ್: hospettimes@gmail.com
ಹವಾಮಾನ
ಶುಕ್ರ	: ಗರಿಷ್ಠ : 40°, ಕನಿಷ್ಠ : 26°
ಶನಿ	: ಗರಿಷ್ಠ : 41°, ಕನಿಷ್ಠ : 26°
ಹೊಸಪೇಟೆ
ಶುಕ್ರ	: ಗರಿಷ್ಠ : 40°, ಕನಿಷ್ಠ : 26°
ಶನಿ	: ಗರಿಷ್ಠ : 41°, ಕನಿಷ್ಠ : 27°
ಗ್ರಾಫಿಕ್ಸ್ ಡಿಸೈನಿಂಗ್,
ವಿಡಿಯೋ ಎಡಿಟಿಂಗ್
ತರಬೇತಿಗಾಗಿ ಅರ್ಜಿ ಆಹ್ವಾನ

ಹೊಸಪೇಟೆ ಟೈಮ್ಸ್ ನ್ಯೂಸ್

ವಿಜಯನಗರ(ಹೊಸಪೇಟೆ): ಕರ್ನಾಟಕ ಸರ್ಕಾರದ ಕೌಶಲ್ಯಾಭಿವೃದ್ಧಿ ನಿಗಮ ಮತ್ತು ಇಂದಿರಾಗಾಂಧಿ ವೃತ್ತಿ ಅಭಿವೃದ್ಧಿ ಕೇಂದ್ರ ವತಿಯಿಂದ ಪ್ರಸಕ್ತ ಸಾಲಿನ ವ್ಯಾಸ್ಟ್ರೂವಲ್ ಸ್ಕಾಂಡಿಯಸ್ ಮತ್ತು ಅಧಿಕ ಅವಕಾಶಗಳ ಯೋಜನೆ ಅಡಿಯಲ್ಲಿ ಆನ್‌ಲೈನ್ ಮೂಲಕ ಗ್ರಾಫಿಕ್ಸ್ ಎಡಿಟಿಂಗ್ ಮತ್ತು ವಿಡಿಯೋ ಎಡಿಟಿಂಗ್ ತರಬೇತಿ ನೀಡಲು ಅರ್ಹ ಅಭ್ಯರ್ಥಿಗಳಿಂದ ಅರ್ಜಿ ಆಹ್ವಾನಿಸಲಾಗಿದೆ. ತರಬೇತಿಯಲ್ಲಿ ಗ್ರಾಫಿಕ್ಸ್ ಡಿಸೈನಿಂಗ್, ವಿಡಿಯೋ ಎಡಿಟಿಂಗ್, ಅಡೋಬ್ ಫೋಟೋಶಾಪ್, ಕೋರಲ್ ಡ್ರಾ, ಇನ್‌ಡಿಸೈನ್, ಪ್ರೀಮಿಯರ್ ಪ್ರೋ, ಸುದಿ ಸಾಫ್ಟ್ ಹಾಗೂ ಇತರೆ ಸ್ಕಿಲ್ ಗಳನ್ನು ಕಲಿಸಲಾಗುವುದು. ತರಬೇತಿ ಪಡೆದ ಅಭ್ಯರ್ಥಿಗಳಿಗೆ ಪ್ರಮಾಣ ಪತ್ರ ಹಾಗೂ ಉದ್ಯೋಗಾವಕಾಶ ಕಲ್ಪಿಸಲಾಗುವುದು. ವಯೋಮಿತಿ 18 ರಿಂದ 35 ವರ್ಷದೊಳಗಿನವರಾಗಿರಬೇಕು. ಎಸ್ಸೆಸ್ಸೆಲ್ಸಿ ಪಾಸ್ ಅಥವಾ ಅನುತ್ತೀರ್ಣರಾಗಿರಬೇಕು. ಅರ್ಜಿ ಸಲ್ಲಿಸಲು ನ.25 ರಂದು ಕೊನೆ ದಿನವಾಗಿದೆ. ಅರ್ಜಿ ಹಾಗೂ ಹೆಚ್ಚಿನ ಮಾಹಿತಿಗಾಗಿ ಜಿಲ್ಲಾ ಕೌಶಲ್ಯಾಭಿವೃದ್ಧಿ ಕಛೇರಿಯನ್ನು ಸಂಪರ್ಕಿಸಬಹುದು ಎಂದು ಪ್ರಕಟಣೆ ತಿಳಿಸಿದೆ.

ಸೌರ ಫಲಕಗಳನ್ನು ಸ್ಥಾಪಿಸಲು ₹78.60 ರಷ್ಟು ಸಹಾಯಧನ

ಹೊಸಪೇಟೆ ಟೈಮ್ಸ್ ನ್ಯೂಸ್

ವಿಜಯನಗರ(ಹೊಸಪೇಟೆ): ಪ್ರಧಾನಮಂತ್ರಿ ಸೂರ್ಯ ಘರ್ ಮುಫ್ತ ಬಿಜಲಿ ಯೋಜನೆಯ ಅಡಿಯಲ್ಲಿ ಸೌರ ಫಲಕಗಳನ್ನು ಸ್ಥಾಪಿಸಲು ಮನೆಗಳ ಮಾಲೀಕರಿಗೆ ₹78,000 ರಷ್ಟು ಸಹಾಯಧನ ನೀಡಲಾಗುವುದು. ಪ್ರತಿ ಮನೆಗೆ ಗರಿಷ್ಠ 300 ಯೂನಿಟ್ ಉಚಿತ ವಿದ್ಯುತ್ ಒದಗಿಸುವ ಗುರಿಯನ್ನು ಹೊಂದಿರುವ ಈ ಯೋಜನೆಯಲ್ಲಿ ಭಾಗವಹಿಸಲು ಆಸಕ್ತರು ಅರ್ಜಿ ಸಲ್ಲಿಸಬಹುದು. ಭಾರತದ 1 ಕೋಟಿ ಕುಟುಂಬಗಳಿಗೆ ಲಾಭವಾಗುವ ನಿರೀಕ್ಷೆ ಇದೆ.

ಸಹಾಯಧನ: 1 ಕಿಲೋವ್ಯಾಟ್‌ಗೆ 30 ಸಾವಿರ ರೂ, 2 ಕಿಲೋವ್ಯಾಟ್‌ಗೆ ರೂ.60 ಸಾವಿರ, 3 ಕಿಲೋವ್ಯಾಟ್‌ಗೆ 78 ಸಾವಿರ ರೂಪಾಯಿಗಳ ಸಹಾಯಧನ ನಿಗದಿಪಡಿಸಲಾಗಿದೆ.
